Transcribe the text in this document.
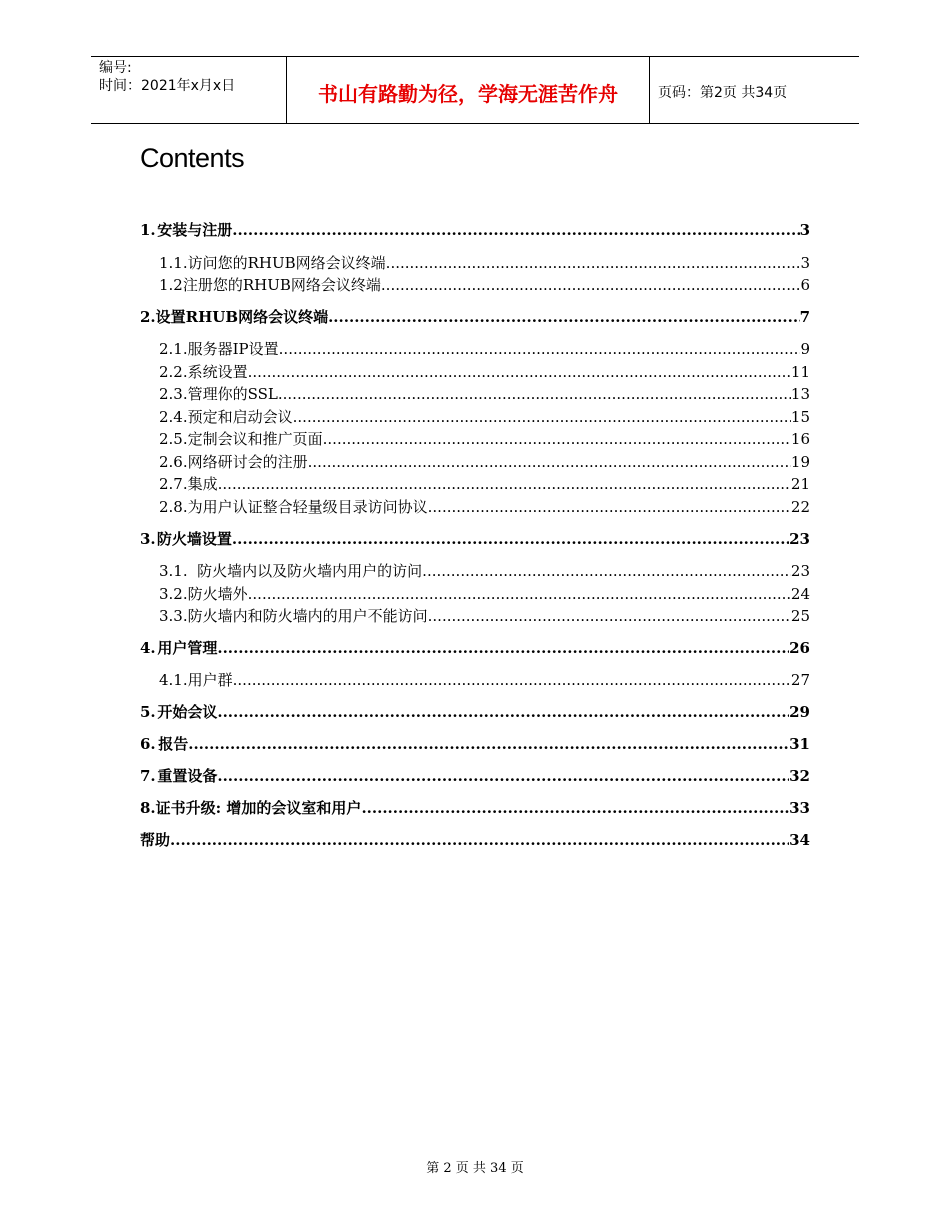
编号:
时间：2021年x月x日	书山有路勤为径，学海无涯苦作舟	页码：第2页 共34页
Contents
1. 安装与注册 .....	3
1.1. 访问您的RHUB网络会议终端 .....	3
1.2 注册您的RHUB网络会议终端 .....	6
2. 设置RHUB网络会议终端 .....	7
2.1. 服务器IP设置 .....	9
2.2. 系统设置 .....	11
2.3. 管理你的SSL .....	13
2.4. 预定和启动会议 .....	15
2.5. 定制会议和推广页面 .....	16
2.6. 网络研讨会的注册 .....	19
2.7. 集成 .....	21
2.8. 为用户认证整合轻量级目录访问协议 .....	22
3. 防火墙设置 .....	23
3.1. 防火墙内以及防火墙内用户的访问 .....	23
3.2. 防火墙外 .....	24
3.3. 防火墙内和防火墙内的用户不能访问 .....	25
4. 用户管理 .....	26
4.1. 用户群 .....	27
5. 开始会议 .....	29
6. 报告 .....	31
7. 重置设备 .....	32
8. 证书升级: 增加的会议室和用户 .....	33
帮助 .....	34
第 2 页 共 34 页
